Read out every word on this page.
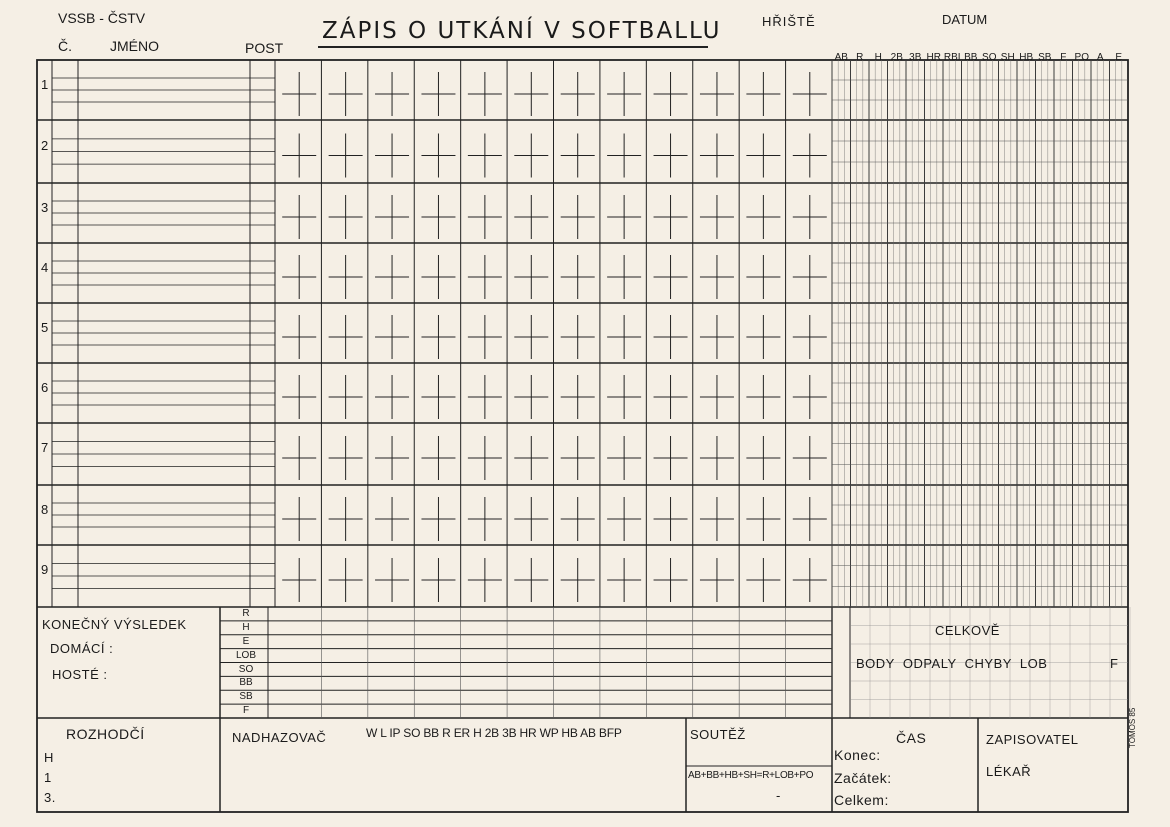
VSSB - ČSTV	ZÁPIS O UTKÁNÍ V SOFTBALLU	HŘIŠTĚ	DATUM
Č.	JMÉNO	POST
AB R H 2B 3B HR RBI BB SO SH HB SB F PO A E
1
2
3
4
5
6
7
8
9
KONEČNÝ VÝSLEDEK
DOMÁCÍ :
HOSTÉ :
R
H
E
LOB
SO
BB
SB
F
CELKOVĚ
BODY  ODPALY  CHYBY  LOB	F
ROZHODČÍ
H
1
3.
NADHAZOVAČ	W L IP SO BB R ER H 2B 3B HR WP HB AB BFP	SOUTĚŽ
AB+BB+HB+SH=R+LOB+PO
-
ČAS
Konec:
Začátek:
Celkem:
ZAPISOVATEL
LÉKAŘ
TOMOS 85
